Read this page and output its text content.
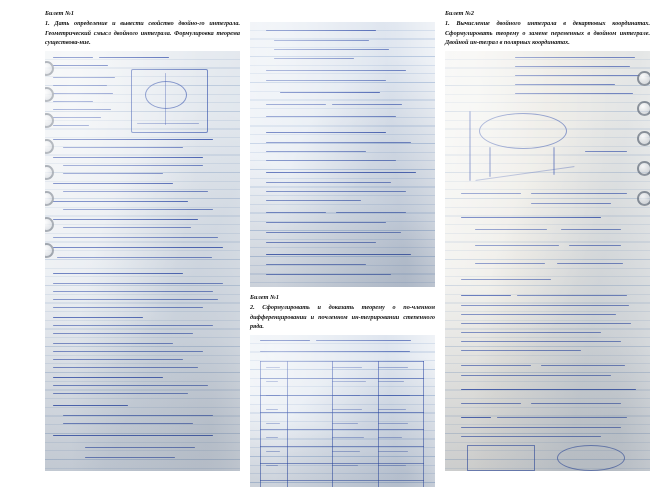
Билет №1
1. Дать определение и вывести свойство двойно-го интеграла. Геометрический смысл двойного интеграла. Формулировка теорема существова-ние.
Билет №1
2. Сформулировать и доказать теорему о по-членном дифференцировании и почленном ин-тегрировании степенного ряда.

Билет №2
1. Вычисление двойного интеграла в декартовых координатах. Сформулировать теорему о замене переменных в двойном интеграле. Двойной ин-теграл в полярных координатах.
